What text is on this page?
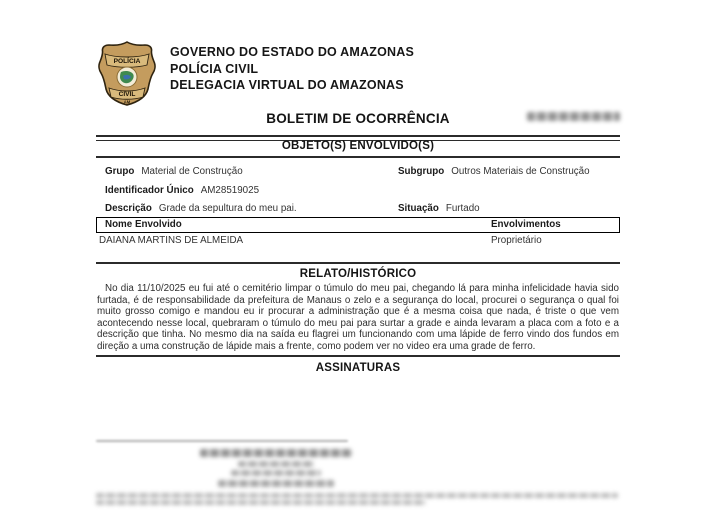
POLÍCIA
CIVIL
AM
GOVERNO DO ESTADO DO AMAZONAS
POLÍCIA CIVIL
DELEGACIA VIRTUAL DO AMAZONAS
BOLETIM DE OCORRÊNCIA
OBJETO(S) ENVOLVIDO(S)
Grupo Material de Construção	Subgrupo Outros Materiais de Construção
Identificador Único AM28519025
Descrição Grade da sepultura do meu pai.	Situação Furtado
Nome Envolvido	Envolvimentos
DAIANA MARTINS DE ALMEIDA	Proprietário
RELATO/HISTÓRICO

No dia 11/10/2025 eu fui até o cemitério limpar o túmulo do meu pai, chegando lá para minha infelicidade havia sido furtada, é de responsabilidade da prefeitura de Manaus o zelo e a segurança do local, procurei o segurança o qual foi muito grosso comigo e mandou eu ir procurar a administração que é a mesma coisa que nada, é triste o que vem acontecendo nesse local, quebraram o túmulo do meu pai para surtar a grade e ainda levaram a placa com a foto e a descrição que tinha. No mesmo dia na saída eu flagrei um funcionando com uma lápide de ferro vindo dos fundos em direção a uma construção de lápide mais a frente, como podem ver no video era uma grade de ferro.

ASSINATURAS
